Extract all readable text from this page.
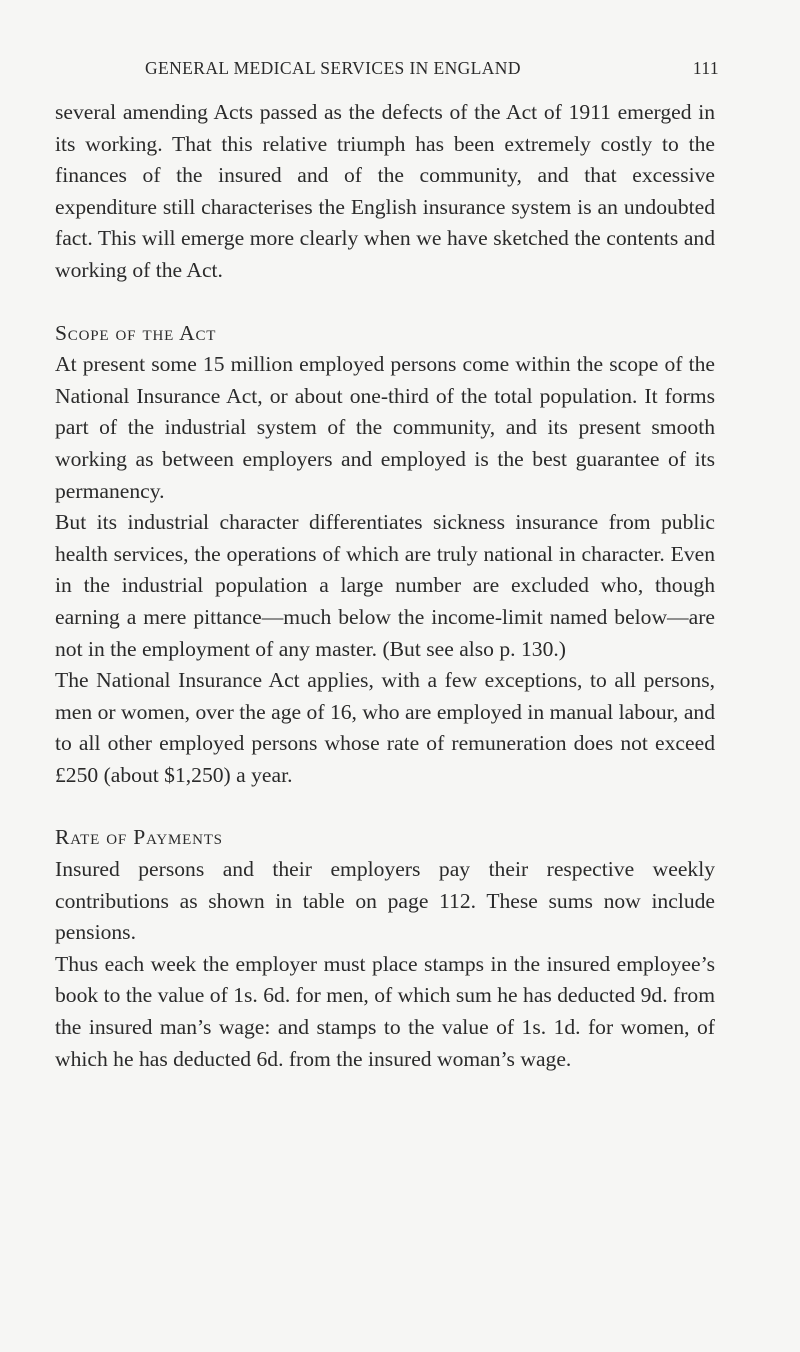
GENERAL MEDICAL SERVICES IN ENGLAND	111

several amending Acts passed as the defects of the Act of 1911 emerged in its working. That this relative triumph has been extremely costly to the finances of the insured and of the community, and that excessive expenditure still characterises the English insurance system is an undoubted fact. This will emerge more clearly when we have sketched the contents and working of the Act.

Scope of the Act

At present some 15 million employed persons come within the scope of the National Insurance Act, or about one-third of the total population. It forms part of the industrial system of the community, and its present smooth working as between employers and employed is the best guarantee of its permanency.

But its industrial character differentiates sickness insurance from public health services, the operations of which are truly national in character. Even in the industrial population a large number are excluded who, though earning a mere pittance—much below the income-limit named below—are not in the employment of any master. (But see also p. 130.)

The National Insurance Act applies, with a few exceptions, to all persons, men or women, over the age of 16, who are employed in manual labour, and to all other employed persons whose rate of remuneration does not exceed £250 (about $1,250) a year.

Rate of Payments

Insured persons and their employers pay their respective weekly contributions as shown in table on page 112. These sums now include pensions.

Thus each week the employer must place stamps in the insured employee’s book to the value of 1s. 6d. for men, of which sum he has deducted 9d. from the insured man’s wage: and stamps to the value of 1s. 1d. for women, of which he has deducted 6d. from the insured woman’s wage.
